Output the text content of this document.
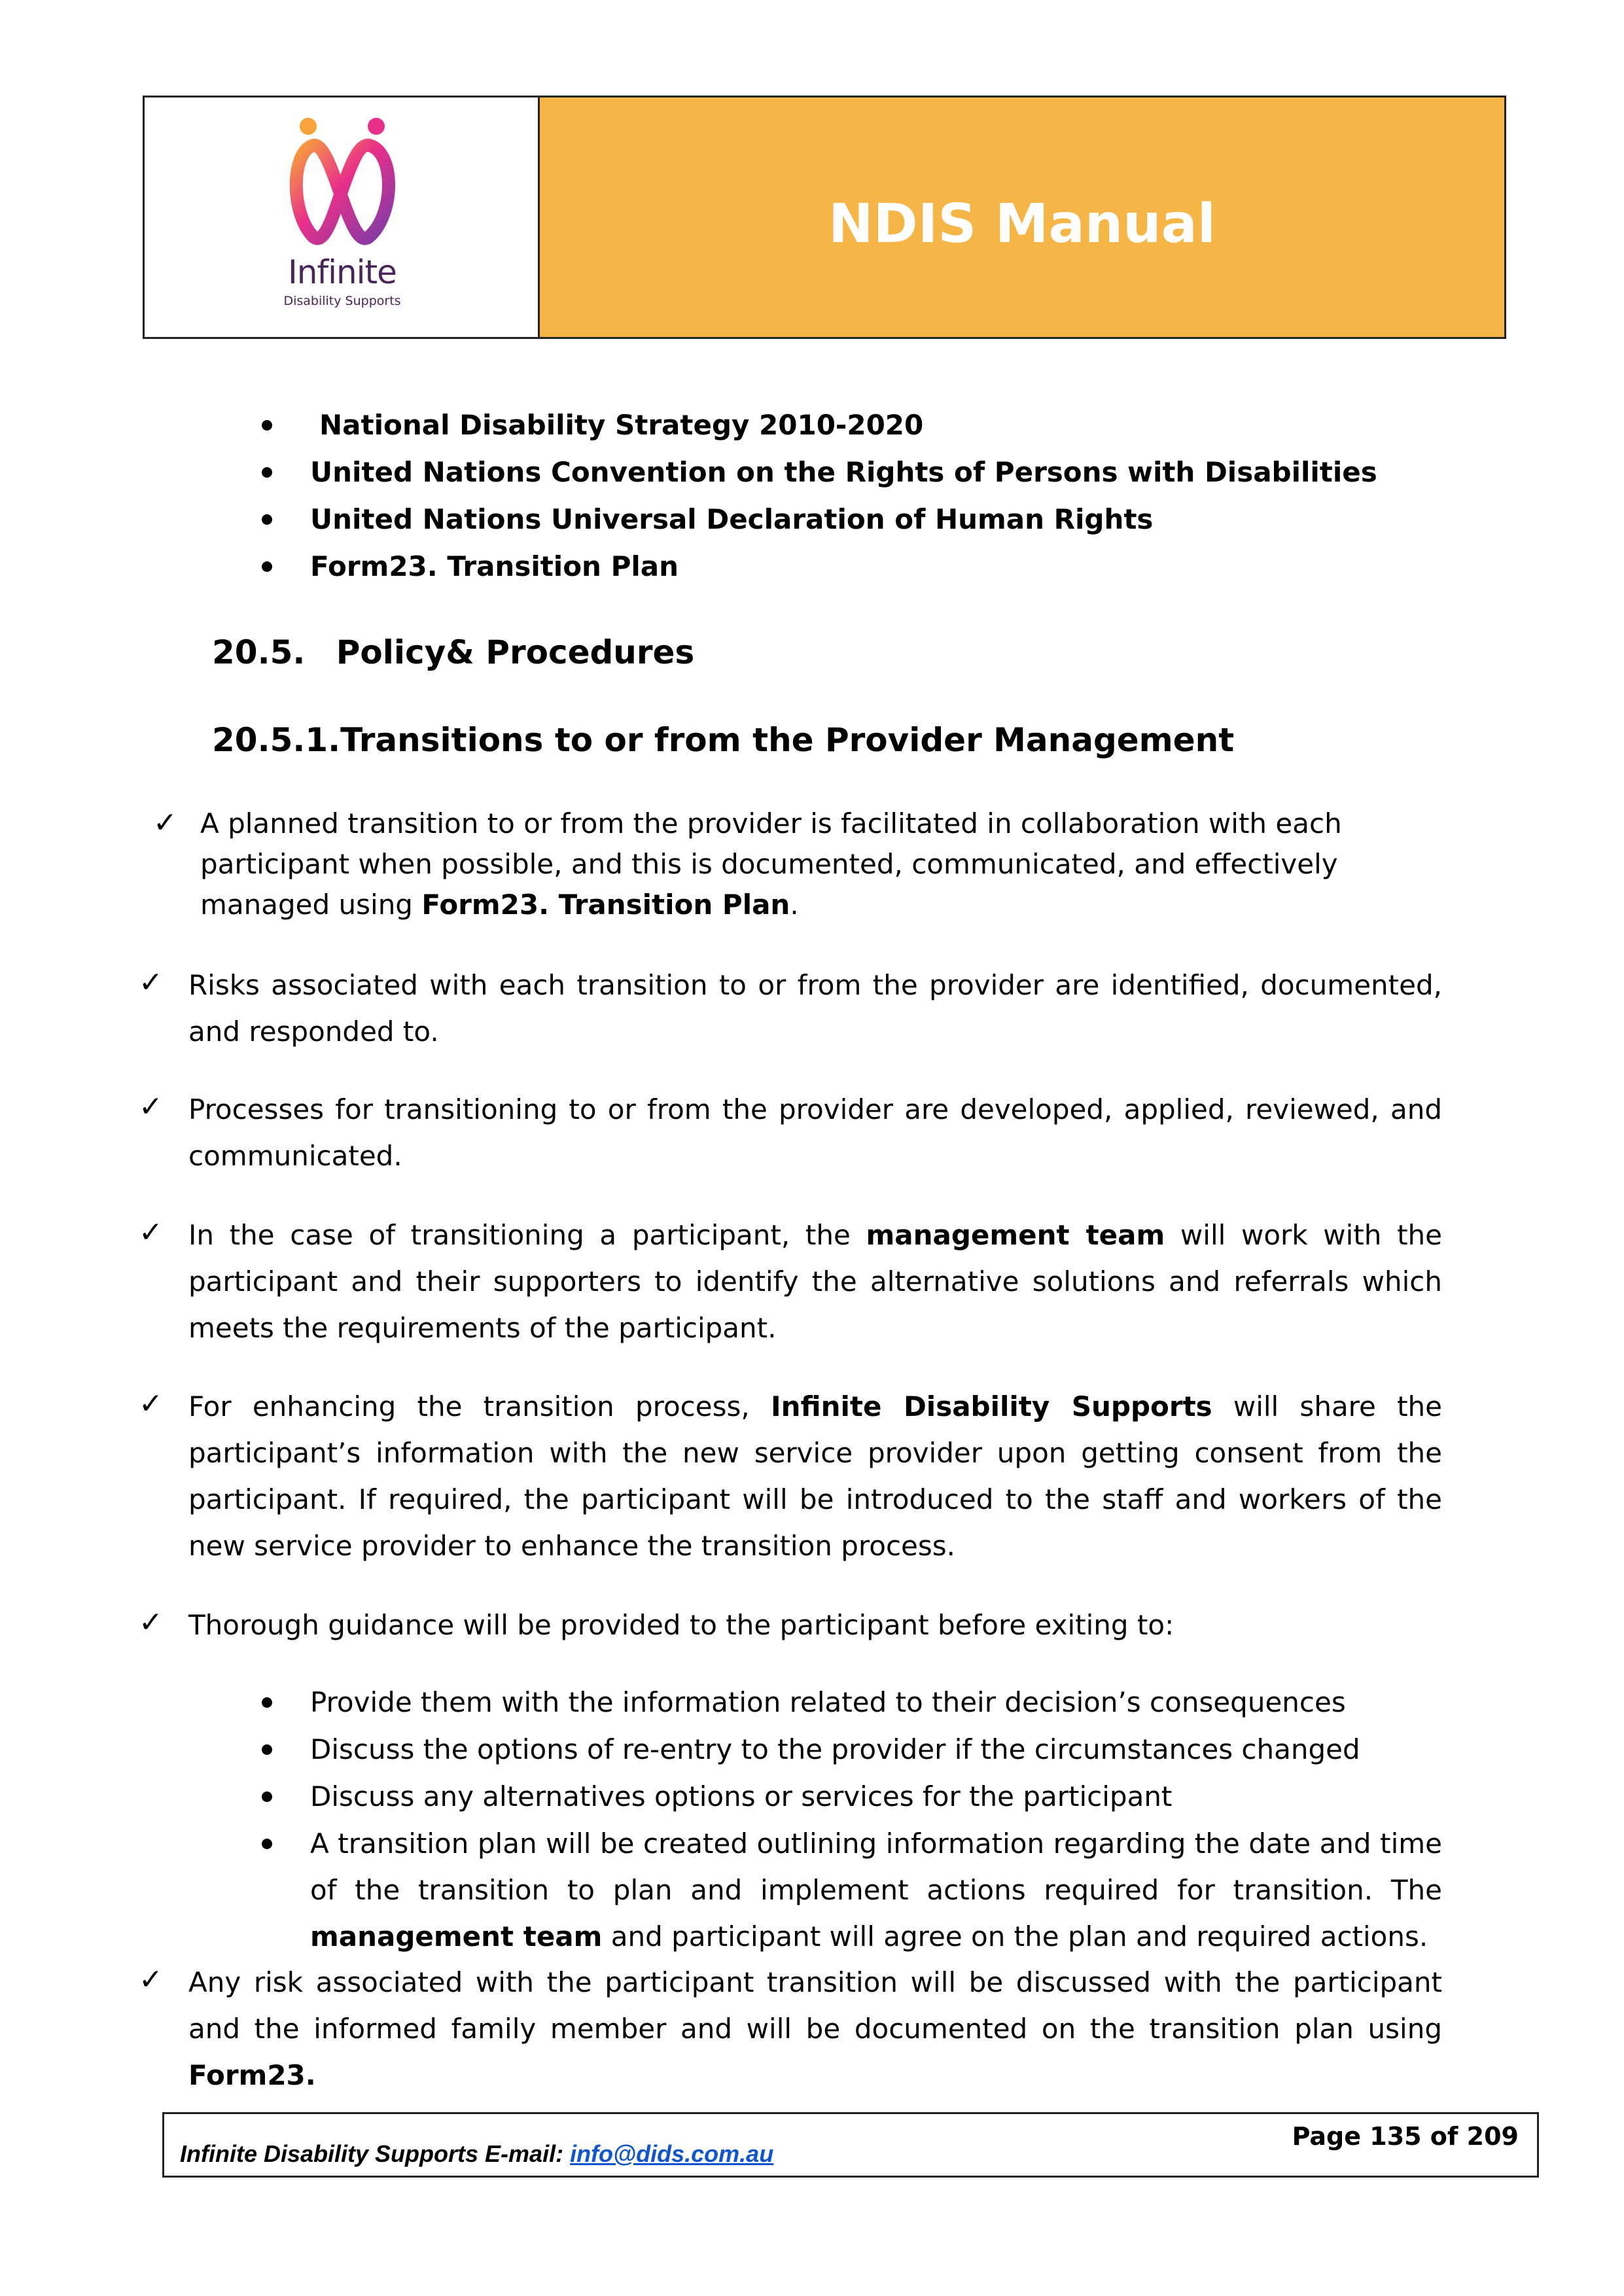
Infinite
Disability Supports
NDIS Manual
National Disability Strategy 2010-2020
United Nations Convention on the Rights of Persons with Disabilities
United Nations Universal Declaration of Human Rights
Form23. Transition Plan
20.5. Policy& Procedures
20.5.1.Transitions to or from the Provider Management
✓ A planned transition to or from the provider is facilitated in collaboration with each participant when possible, and this is documented, communicated, and effectively managed using Form23. Transition Plan.
✓ Risks associated with each transition to or from the provider are identified, documented, and responded to.
✓ Processes for transitioning to or from the provider are developed, applied, reviewed, and communicated.
✓ In the case of transitioning a participant, the management team will work with the participant and their supporters to identify the alternative solutions and referrals which meets the requirements of the participant.
✓ For enhancing the transition process, Infinite Disability Supports will share the participant’s information with the new service provider upon getting consent from the participant. If required, the participant will be introduced to the staff and workers of the new service provider to enhance the transition process.
✓ Thorough guidance will be provided to the participant before exiting to:
Provide them with the information related to their decision’s consequences
Discuss the options of re-entry to the provider if the circumstances changed
Discuss any alternatives options or services for the participant
A transition plan will be created outlining information regarding the date and time of the transition to plan and implement actions required for transition. The management team and participant will agree on the plan and required actions.
✓ Any risk associated with the participant transition will be discussed with the participant and the informed family member and will be documented on the transition plan using Form23.
Infinite Disability Supports E-mail: info@dids.com.au
Page 135 of 209
